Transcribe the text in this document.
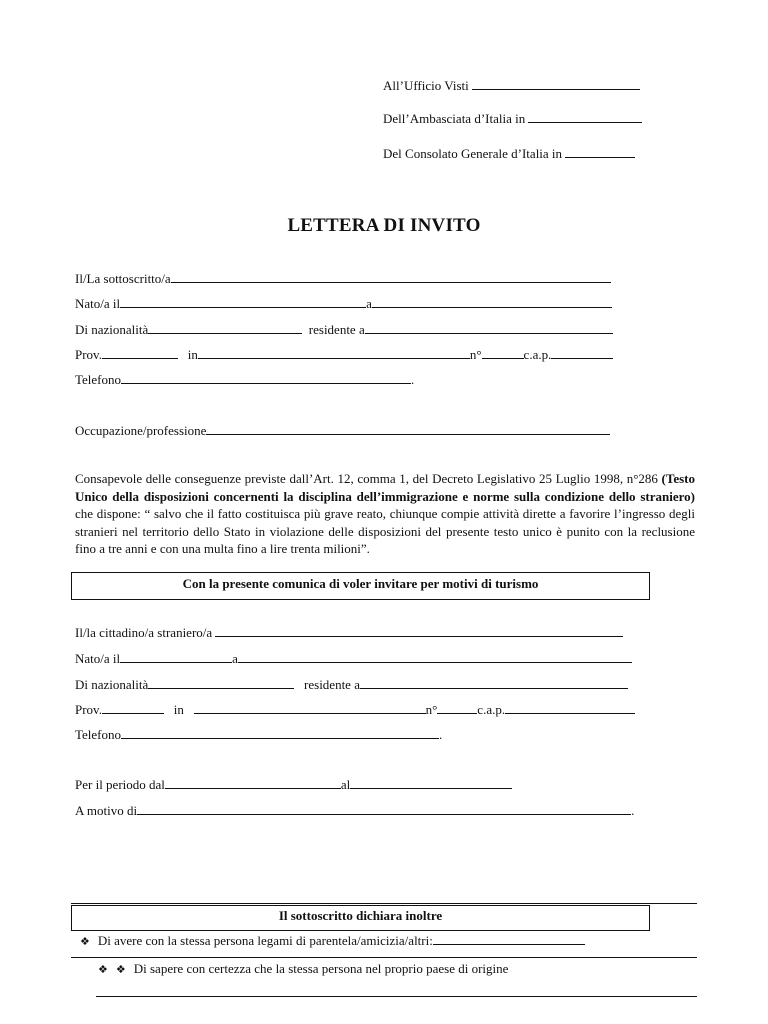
All’Ufficio Visti
Dell’Ambasciata d’Italia in
Del Consolato Generale d’Italia in
LETTERA DI INVITO
Il/La sottoscritto/a
Nato/a il	a
Di nazionalità	residente a
Prov.	in	n°	c.a.p.
Telefono	.
Occupazione/professione
Consapevole delle conseguenze previste dall’Art. 12, comma 1, del Decreto Legislativo 25 Luglio 1998, n°286 (Testo Unico della disposizioni concernenti la disciplina dell’immigrazione e norme sulla condizione dello straniero) che dispone: “ salvo che il fatto costituisca più grave reato, chiunque compie attività dirette a favorire l’ingresso degli stranieri nel territorio dello Stato in violazione delle disposizioni del presente testo unico è punito con la reclusione fino a tre anni e con una multa fino a lire trenta milioni”.
Con la presente comunica di voler invitare per motivi di turismo
Il/la cittadino/a straniero/a
Nato/a il	a
Di nazionalità	residente a
Prov.	in	n°	c.a.p.
Telefono	.
Per il periodo dal	al
A motivo di	.
Il sottoscritto dichiara inoltre
❖ Di avere con la stessa persona legami di parentela/amicizia/altri:
❖ ❖ Di sapere con certezza che la stessa persona nel proprio paese di origine
